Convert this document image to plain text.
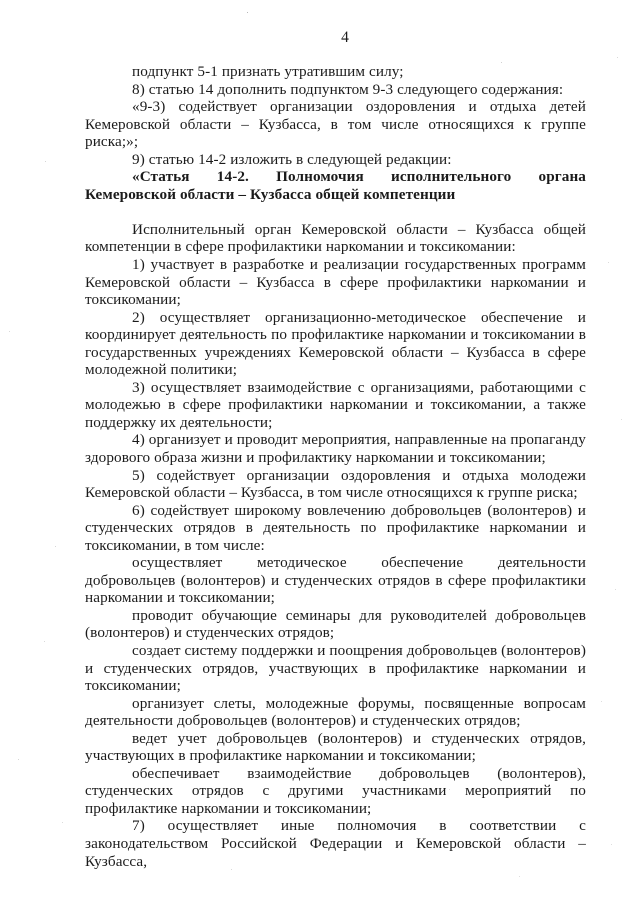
4

подпункт 5-1 признать утратившим силу;

8) статью 14 дополнить подпунктом 9-3 следующего содержания:

«9-3) содействует организации оздоровления и отдыха детей Кемеровской области – Кузбасса, в том числе относящихся к группе риска;»;

9) статью 14-2 изложить в следующей редакции:

«Статья 14-2. Полномочия исполнительного органа Кемеровской области – Кузбасса общей компетенции

Исполнительный орган Кемеровской области – Кузбасса общей компетенции в сфере профилактики наркомании и токсикомании:

1) участвует в разработке и реализации государственных программ Кемеровской области – Кузбасса в сфере профилактики наркомании и токсикомании;

2) осуществляет организационно-методическое обеспечение и координирует деятельность по профилактике наркомании и токсикомании в государственных учреждениях Кемеровской области – Кузбасса в сфере молодежной политики;

3) осуществляет взаимодействие с организациями, работающими с молодежью в сфере профилактики наркомании и токсикомании, а также поддержку их деятельности;

4) организует и проводит мероприятия, направленные на пропаганду здорового образа жизни и профилактику наркомании и токсикомании;

5) содействует организации оздоровления и отдыха молодежи Кемеровской области – Кузбасса, в том числе относящихся к группе риска;

6) содействует широкому вовлечению добровольцев (волонтеров) и студенческих отрядов в деятельность по профилактике наркомании и токсикомании, в том числе:

осуществляет методическое обеспечение деятельности добровольцев (волонтеров) и студенческих отрядов в сфере профилактики наркомании и токсикомании;

проводит обучающие семинары для руководителей добровольцев (волонтеров) и студенческих отрядов;

создает систему поддержки и поощрения добровольцев (волонтеров) и студенческих отрядов, участвующих в профилактике наркомании и токсикомании;

организует слеты, молодежные форумы, посвященные вопросам деятельности добровольцев (волонтеров) и студенческих отрядов;

ведет учет добровольцев (волонтеров) и студенческих отрядов, участвующих в профилактике наркомании и токсикомании;

обеспечивает взаимодействие добровольцев (волонтеров), студенческих отрядов с другими участниками мероприятий по профилактике наркомании и токсикомании;

7) осуществляет иные полномочия в соответствии с законодательством Российской Федерации и Кемеровской области – Кузбасса,
